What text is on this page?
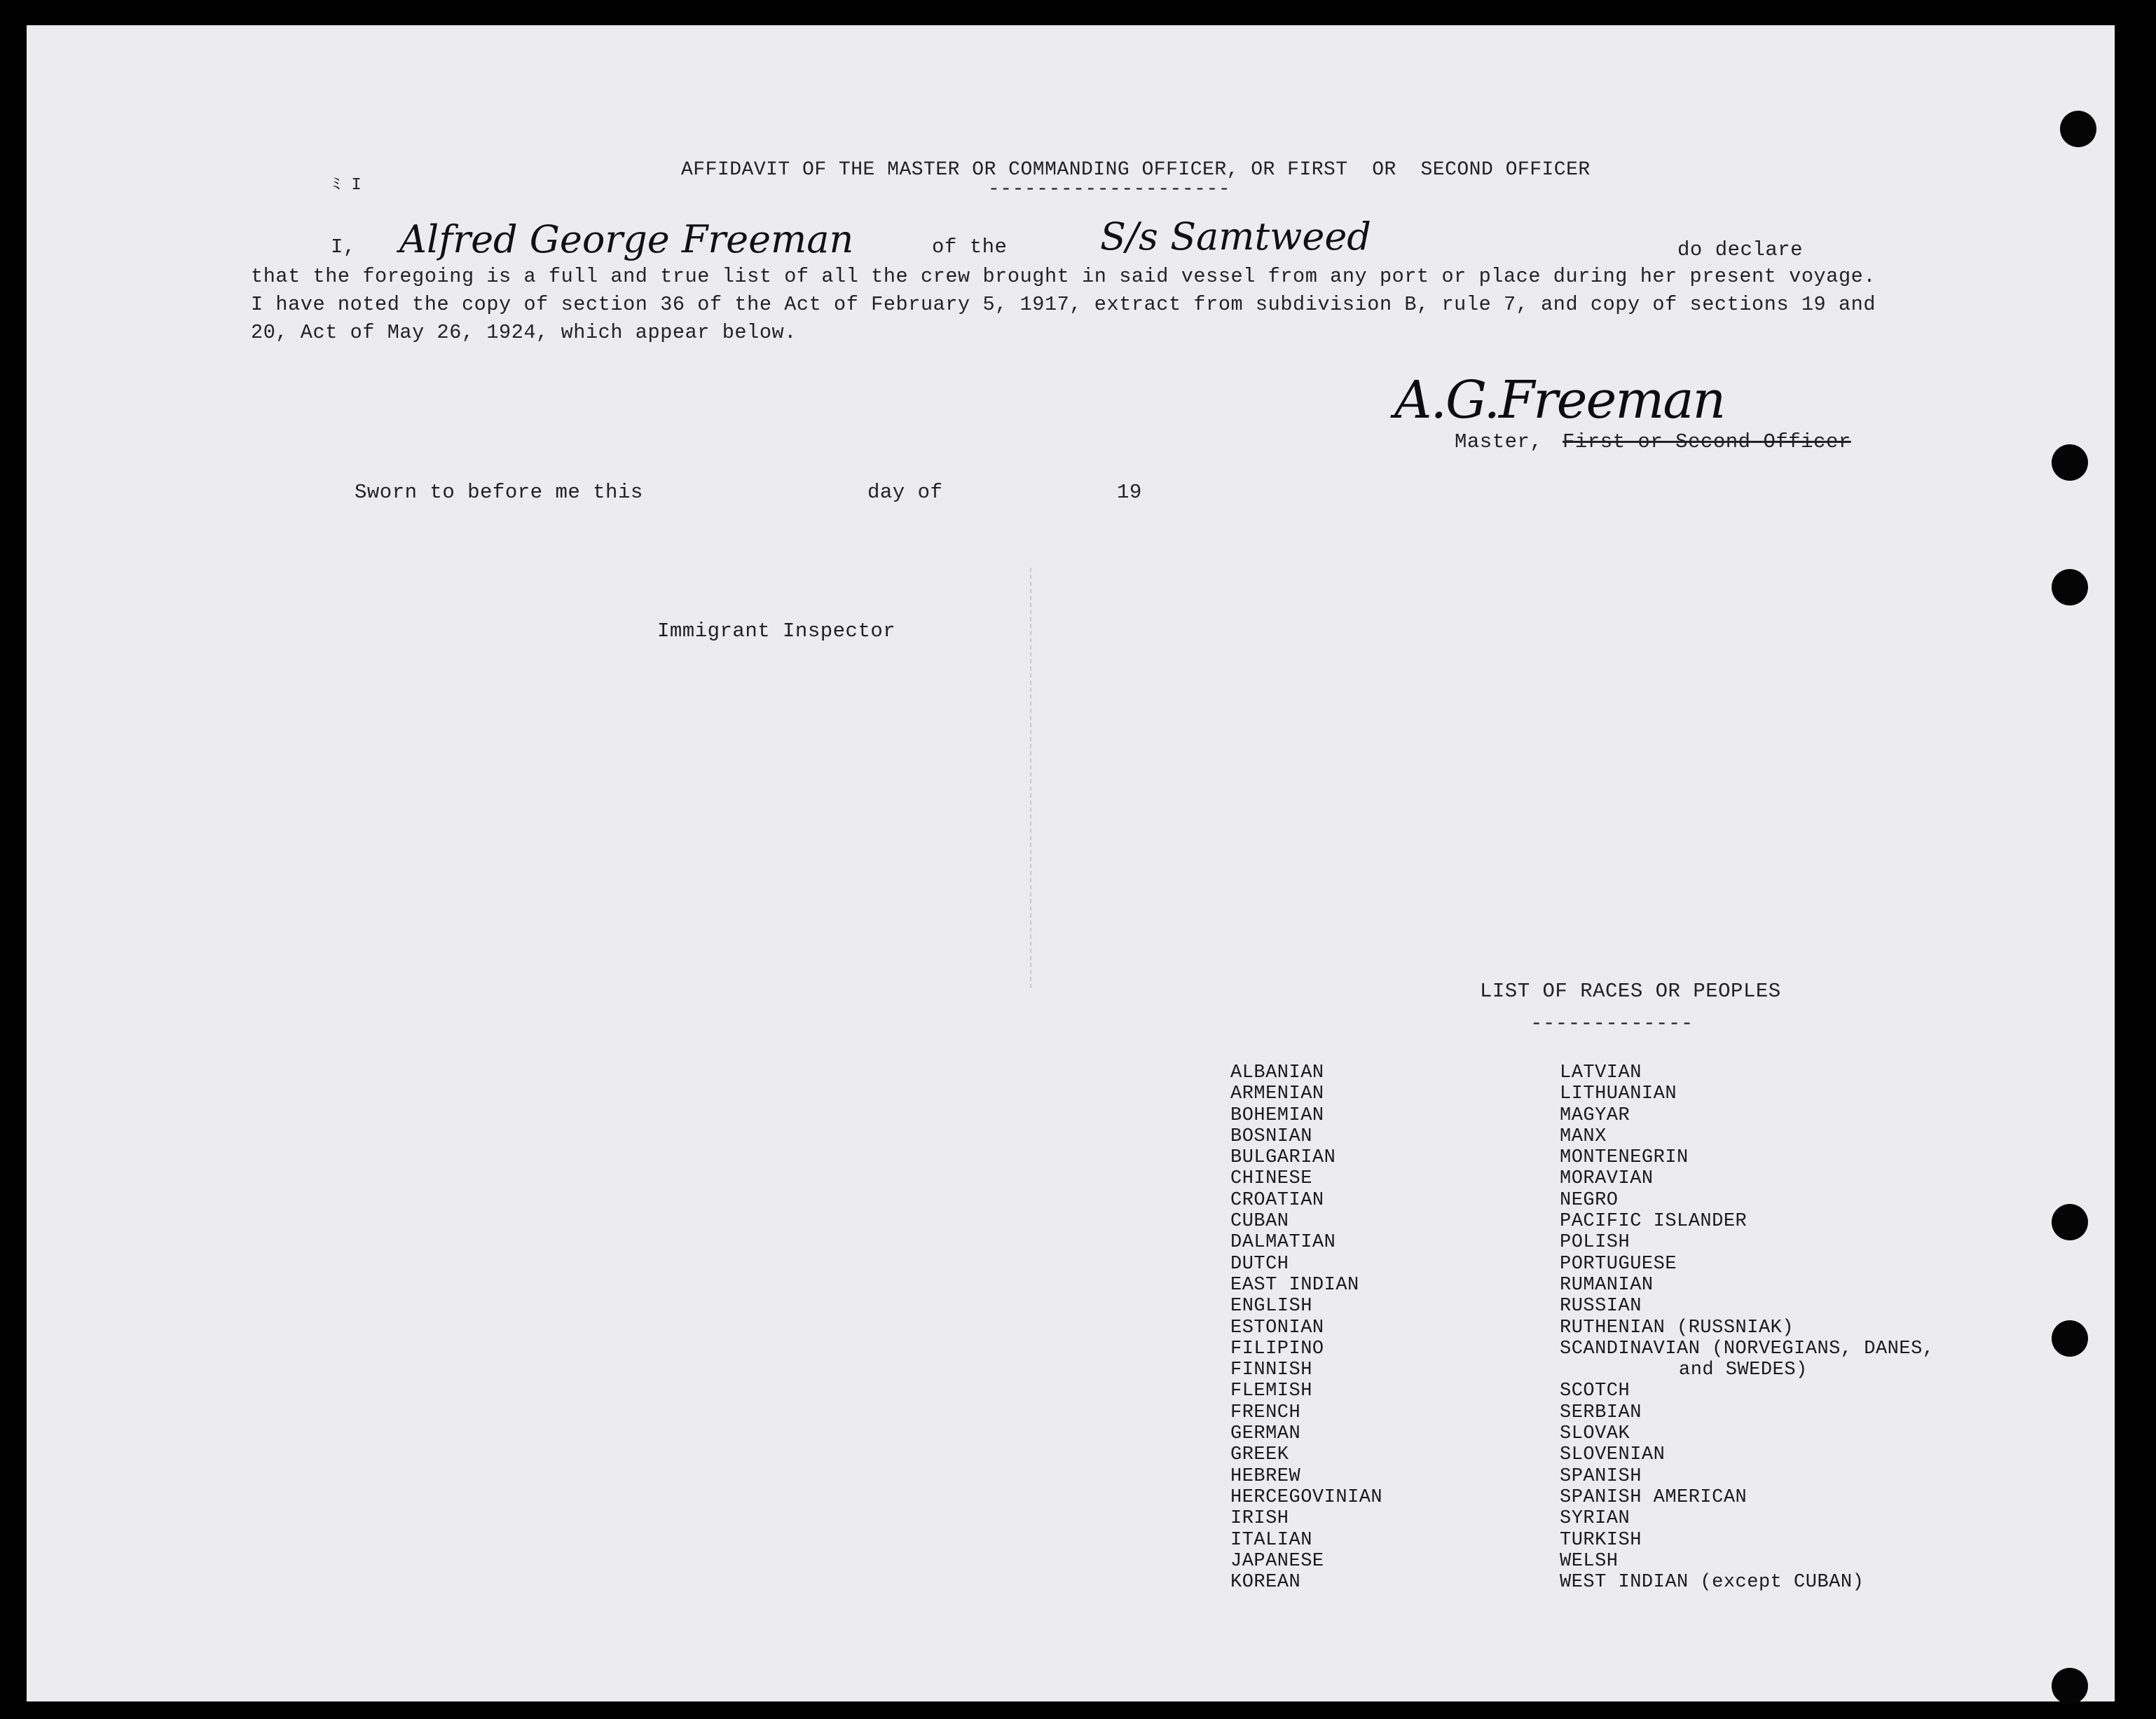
ﾐ I
AFFIDAVIT OF THE MASTER OR COMMANDING OFFICER, OR FIRST  OR  SECOND OFFICER
--------------------
I, Alfred George Freeman	of the S/s Samtweed	do declare
that the foregoing is a full and true list of all the crew brought in said vessel from any port or place during her present voyage.
I have noted the copy of section 36 of the Act of February 5, 1917, extract from subdivision B, rule 7, and copy of sections 19 and
20, Act of May 26, 1924, which appear below.
A.G.Freeman
Master, First or Second Officer
Sworn to before me this	day of	19
Immigrant Inspector
LIST OF RACES OR PEOPLES
-------------
ALBANIAN
ARMENIAN
BOHEMIAN
BOSNIAN
BULGARIAN
CHINESE
CROATIAN
CUBAN
DALMATIAN
DUTCH
EAST INDIAN
ENGLISH
ESTONIAN
FILIPINO
FINNISH
FLEMISH
FRENCH
GERMAN
GREEK
HEBREW
HERCEGOVINIAN
IRISH
ITALIAN
JAPANESE
KOREAN
LATVIAN
LITHUANIAN
MAGYAR
MANX
MONTENEGRIN
MORAVIAN
NEGRO
PACIFIC ISLANDER
POLISH
PORTUGUESE
RUMANIAN
RUSSIAN
RUTHENIAN (RUSSNIAK)
SCANDINAVIAN (NORVEGIANS, DANES,
and SWEDES)
SCOTCH
SERBIAN
SLOVAK
SLOVENIAN
SPANISH
SPANISH AMERICAN
SYRIAN
TURKISH
WELSH
WEST INDIAN (except CUBAN)
